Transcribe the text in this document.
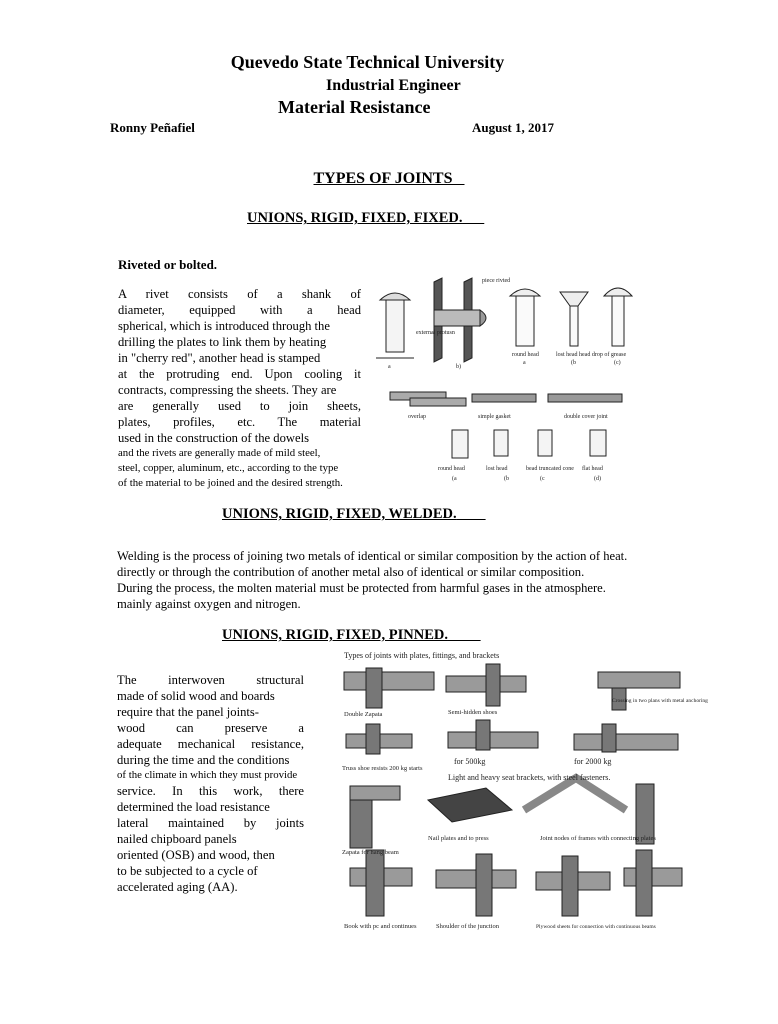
Quevedo State Technical University
Industrial Engineer
Material Resistance
Ronny Peñafiel	August 1, 2017
TYPES OF JOINTS
UNIONS, RIGID, FIXED, FIXED.
Riveted or bolted.
A rivet consists of a shank of
diameter, equipped with a head
spherical, which is introduced through the
drilling the plates to link them by heating
in "cherry red", another head is stamped
at the protruding end. Upon cooling it
contracts, compressing the sheets. They are
are generally used to join sheets,
plates, profiles, etc. The material
used in the construction of the dowels
and the rivets are generally made of mild steel,
steel, copper, aluminum, etc., according to the type
of the material to be joined and the desired strength.
piece rivted
external protusn
round head	lost head head drop of grease
a	b)
a	(b	(c)
overlap	simple gasket	double cover joint
round head	lost head	bead truncated cone flat head
(a	(b	(c	(d)
UNIONS, RIGID, FIXED, WELDED.
Welding is the process of joining two metals of identical or similar composition by the action of heat.
directly or through the contribution of another metal also of identical or similar composition.
During the process, the molten material must be protected from harmful gases in the atmosphere.
mainly against oxygen and nitrogen.
UNIONS, RIGID, FIXED, PINNED.
The interwoven structural
made of solid wood and boards
require that the panel joints-
wood can preserve a
adequate mechanical resistance,
during the time and the conditions
of the climate in which they must provide
service. In this work, there
determined the load resistance
lateral maintained by joints
nailed chipboard panels
oriented (OSB) and wood, then
to be subjected to a cycle of
accelerated aging (AA).
Types of joints with plates, fittings, and brackets
Double Zapata	Semi-hidden shoes
Crossing in two plans with metal anchoring
Truss shoe resists 200 kg starts
for 500kg	for 2000 kg
Light and heavy seat brackets, with steel fasteners.
Zapata for hang beam
Nail plates and to press	Joint nodes of frames with connecting plates
Book with pc and continues	Shoulder of the junction	Plywood sheets for connection with continuous beams
